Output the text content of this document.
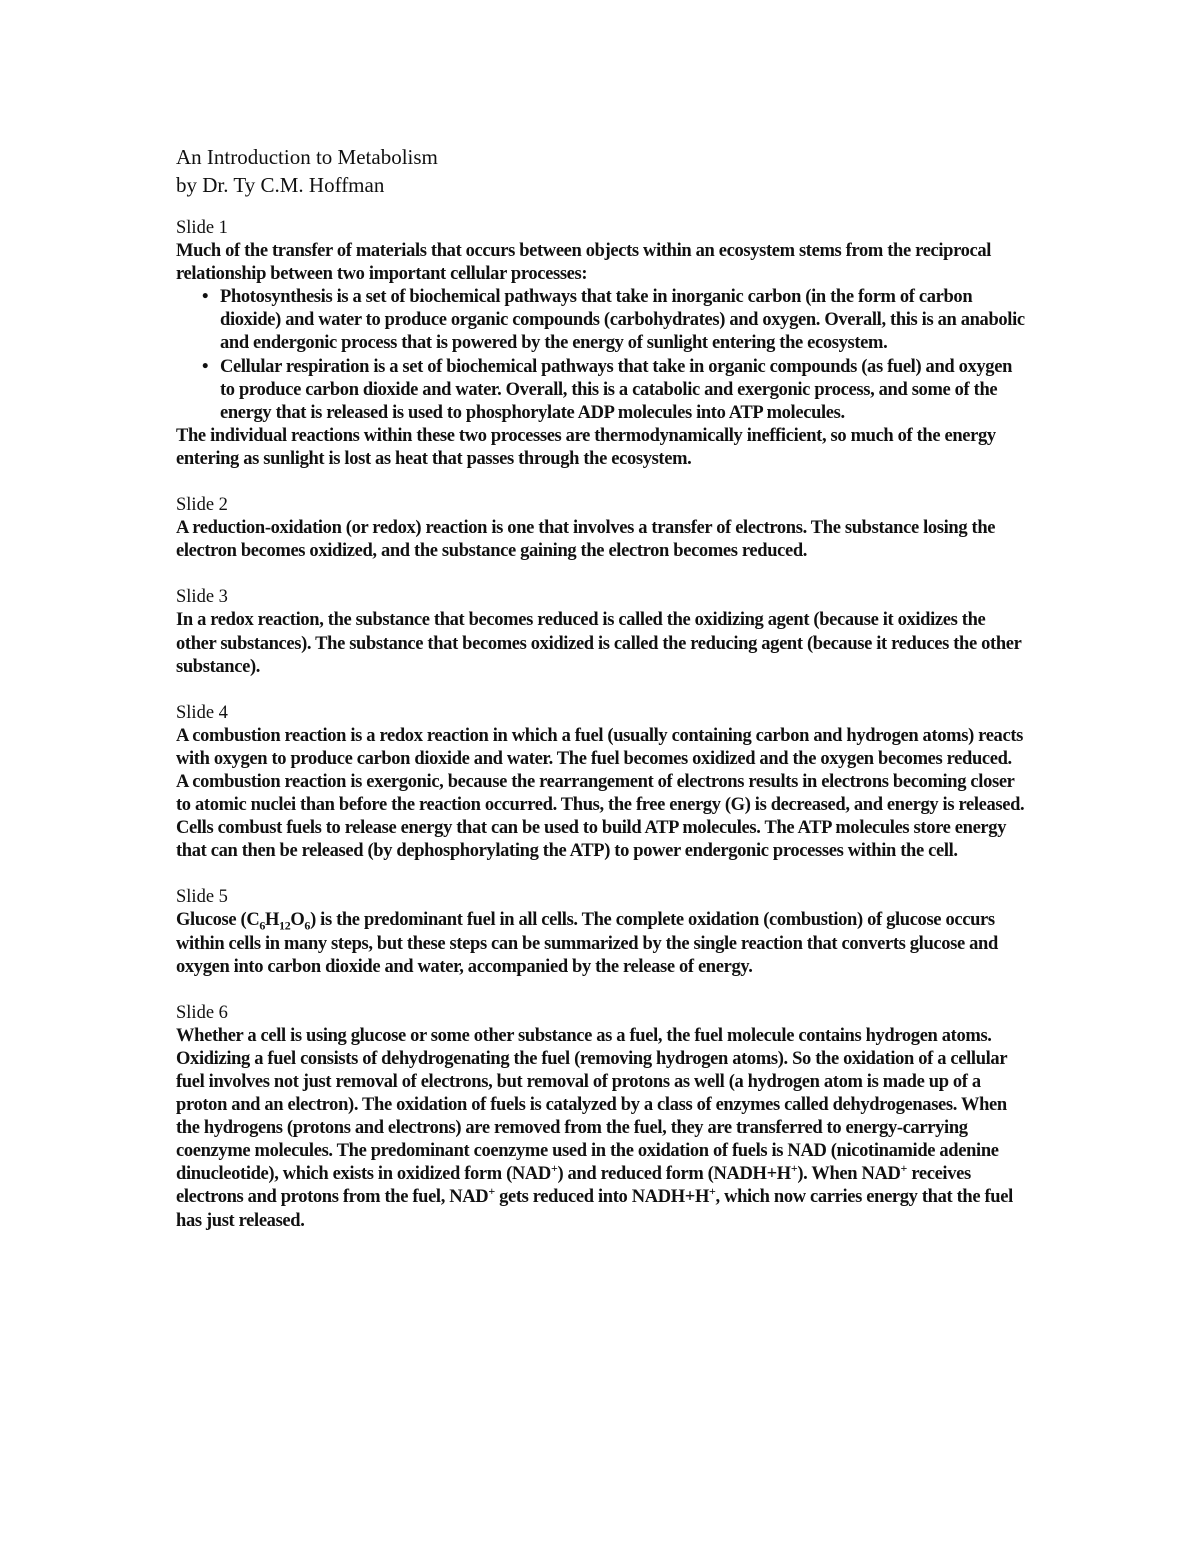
An Introduction to Metabolism
by Dr. Ty C.M. Hoffman
Slide 1
Much of the transfer of materials that occurs between objects within an ecosystem stems from the reciprocal relationship between two important cellular processes:
• Photosynthesis is a set of biochemical pathways that take in inorganic carbon (in the form of carbon dioxide) and water to produce organic compounds (carbohydrates) and oxygen. Overall, this is an anabolic and endergonic process that is powered by the energy of sunlight entering the ecosystem.
• Cellular respiration is a set of biochemical pathways that take in organic compounds (as fuel) and oxygen to produce carbon dioxide and water. Overall, this is a catabolic and exergonic process, and some of the energy that is released is used to phosphorylate ADP molecules into ATP molecules.
The individual reactions within these two processes are thermodynamically inefficient, so much of the energy entering as sunlight is lost as heat that passes through the ecosystem.
Slide 2
A reduction-oxidation (or redox) reaction is one that involves a transfer of electrons. The substance losing the electron becomes oxidized, and the substance gaining the electron becomes reduced.
Slide 3
In a redox reaction, the substance that becomes reduced is called the oxidizing agent (because it oxidizes the other substances). The substance that becomes oxidized is called the reducing agent (because it reduces the other substance).
Slide 4
A combustion reaction is a redox reaction in which a fuel (usually containing carbon and hydrogen atoms) reacts with oxygen to produce carbon dioxide and water. The fuel becomes oxidized and the oxygen becomes reduced. A combustion reaction is exergonic, because the rearrangement of electrons results in electrons becoming closer to atomic nuclei than before the reaction occurred. Thus, the free energy (G) is decreased, and energy is released. Cells combust fuels to release energy that can be used to build ATP molecules. The ATP molecules store energy that can then be released (by dephosphorylating the ATP) to power endergonic processes within the cell.
Slide 5
Glucose $(C_6H_{12}O_6)$ is the predominant fuel in all cells. The complete oxidation (combustion) of glucose occurs within cells in many steps, but these steps can be summarized by the single reaction that converts glucose and oxygen into carbon dioxide and water, accompanied by the release of energy.
Slide 6
Whether a cell is using glucose or some other substance as a fuel, the fuel molecule contains hydrogen atoms. Oxidizing a fuel consists of dehydrogenating the fuel (removing hydrogen atoms). So the oxidation of a cellular fuel involves not just removal of electrons, but removal of protons as well (a hydrogen atom is made up of a proton and an electron). The oxidation of fuels is catalyzed by a class of enzymes called dehydrogenases. When the hydrogens (protons and electrons) are removed from the fuel, they are transferred to energy-carrying coenzyme molecules. The predominant coenzyme used in the oxidation of fuels is NAD (nicotinamide adenine dinucleotide), which exists in oxidized form (NAD+) and reduced form (NADH+H+). When NAD+ receives electrons and protons from the fuel, NAD+ gets reduced into NADH+H+, which now carries energy that the fuel has just released.
